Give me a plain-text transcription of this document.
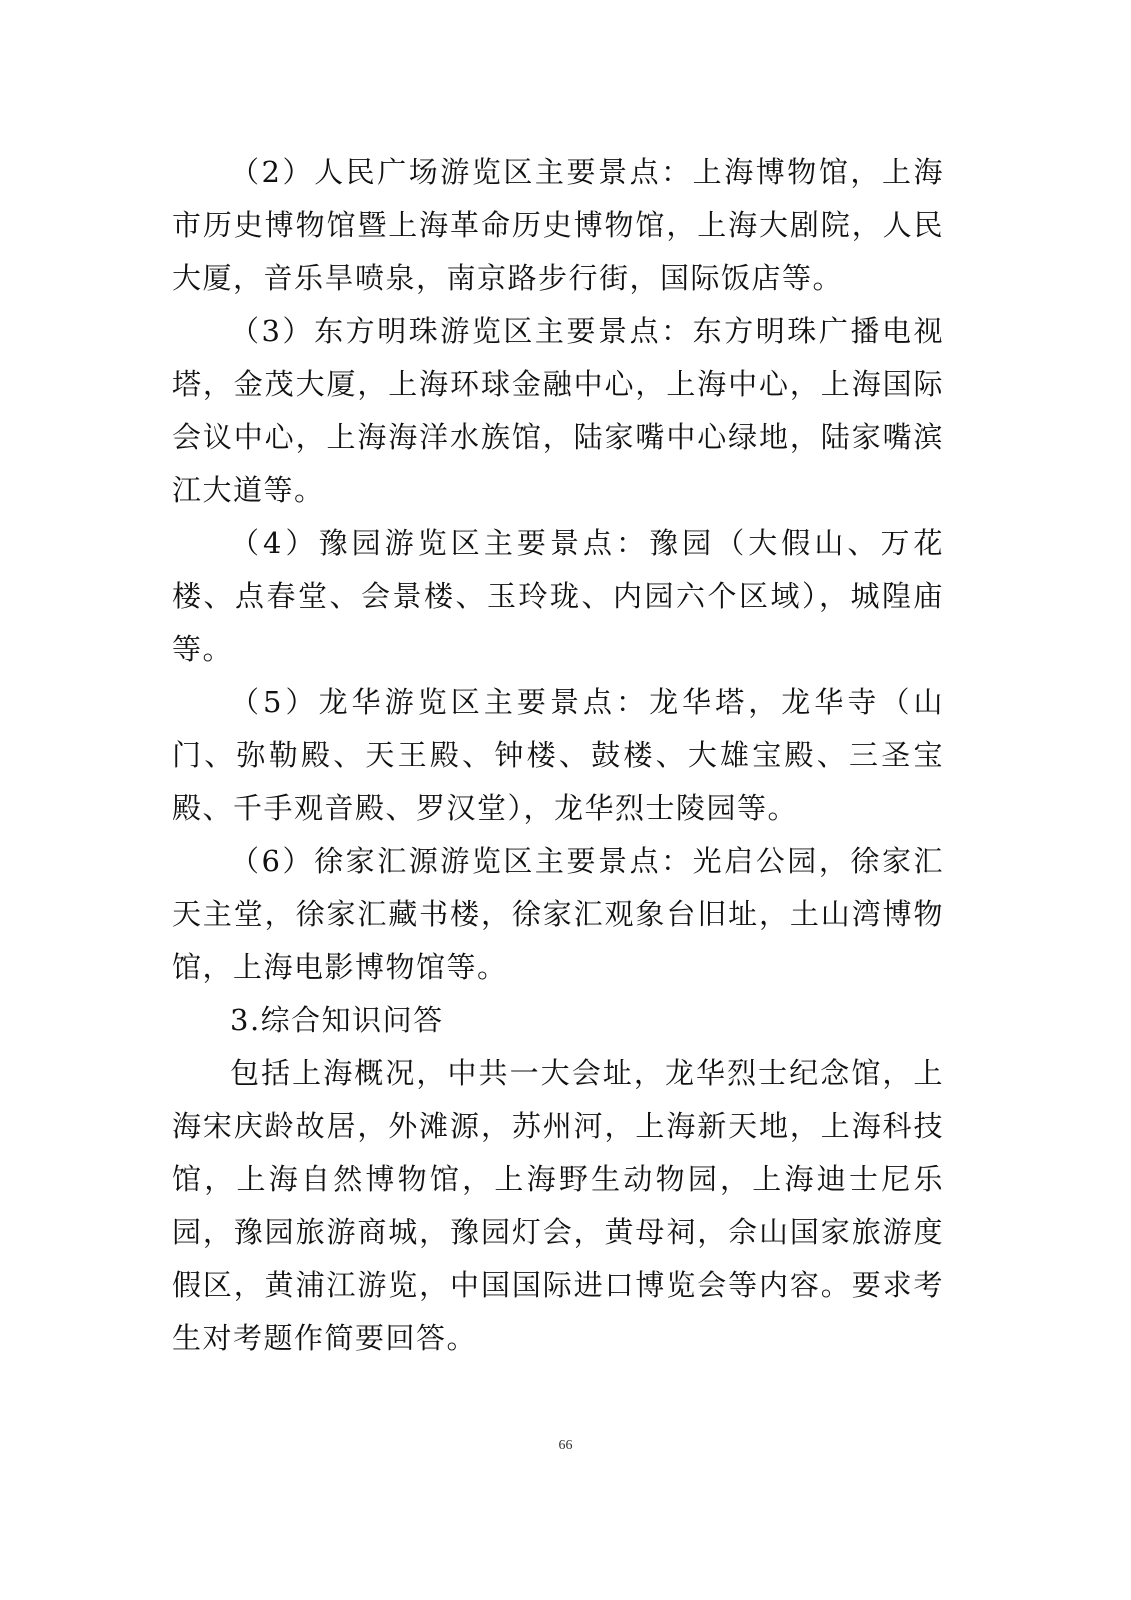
（2）人民广场游览区主要景点：上海博物馆，上海市历史博物馆暨上海革命历史博物馆，上海大剧院，人民大厦，音乐旱喷泉，南京路步行街，国际饭店等。

（3）东方明珠游览区主要景点：东方明珠广播电视塔，金茂大厦，上海环球金融中心，上海中心，上海国际会议中心，上海海洋水族馆，陆家嘴中心绿地，陆家嘴滨江大道等。

（4）豫园游览区主要景点：豫园（大假山、万花楼、点春堂、会景楼、玉玲珑、内园六个区域），城隍庙等。

（5）龙华游览区主要景点：龙华塔，龙华寺（山门、弥勒殿、天王殿、钟楼、鼓楼、大雄宝殿、三圣宝殿、千手观音殿、罗汉堂），龙华烈士陵园等。

（6）徐家汇源游览区主要景点：光启公园，徐家汇天主堂，徐家汇藏书楼，徐家汇观象台旧址，土山湾博物馆，上海电影博物馆等。

3.综合知识问答

包括上海概况，中共一大会址，龙华烈士纪念馆，上海宋庆龄故居，外滩源，苏州河，上海新天地，上海科技馆，上海自然博物馆，上海野生动物园，上海迪士尼乐园，豫园旅游商城，豫园灯会，黄母祠，佘山国家旅游度假区，黄浦江游览，中国国际进口博览会等内容。要求考生对考题作简要回答。

66
